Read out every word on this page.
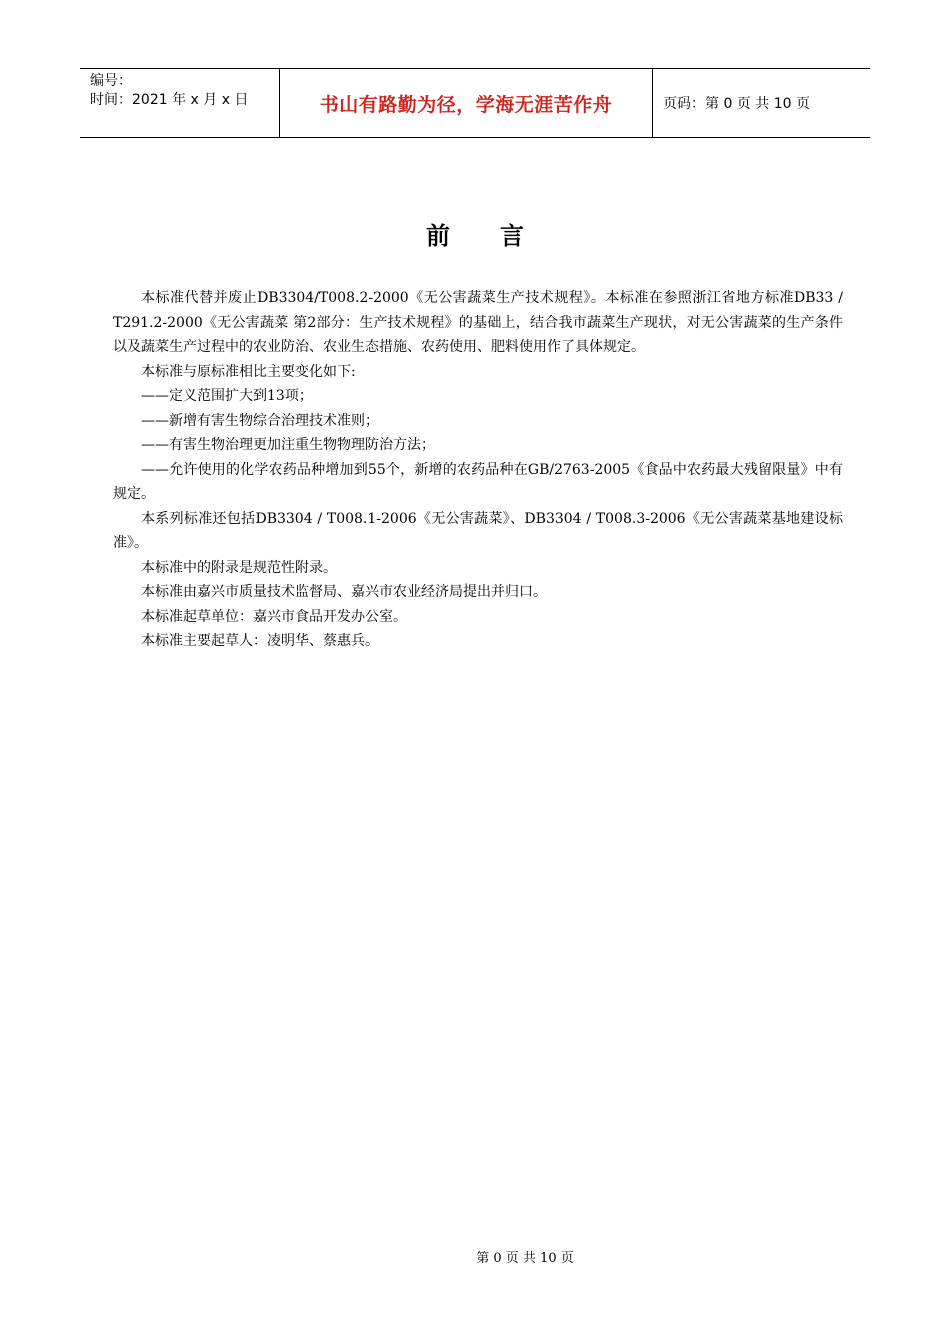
编号：
时间：2021 年 x 月 x 日	书山有路勤为径，学海无涯苦作舟	页码：第 0 页 共 10 页
前言

本标准代替并废止DB3304/T008.2-2000《无公害蔬菜生产技术规程》。本标准在参照浙江省地方标准DB33 / T291.2-2000《无公害蔬菜 第2部分：生产技术规程》的基础上，结合我市蔬菜生产现状，对无公害蔬菜的生产条件以及蔬菜生产过程中的农业防治、农业生态措施、农药使用、肥料使用作了具体规定。

本标准与原标准相比主要变化如下:

——定义范围扩大到13项；

——新增有害生物综合治理技术准则；

——有害生物治理更加注重生物物理防治方法；

——允许使用的化学农药品种增加到55个，新增的农药品种在GB/2763-2005《食品中农药最大残留限量》中有规定。

本系列标准还包括DB3304 / T008.1-2006《无公害蔬菜》、DB3304 / T008.3-2006《无公害蔬菜基地建设标准》。

本标准中的附录是规范性附录。

本标准由嘉兴市质量技术监督局、嘉兴市农业经济局提出并归口。

本标准起草单位：嘉兴市食品开发办公室。

本标准主要起草人：凌明华、蔡惠兵。

第 0 页 共 10 页
